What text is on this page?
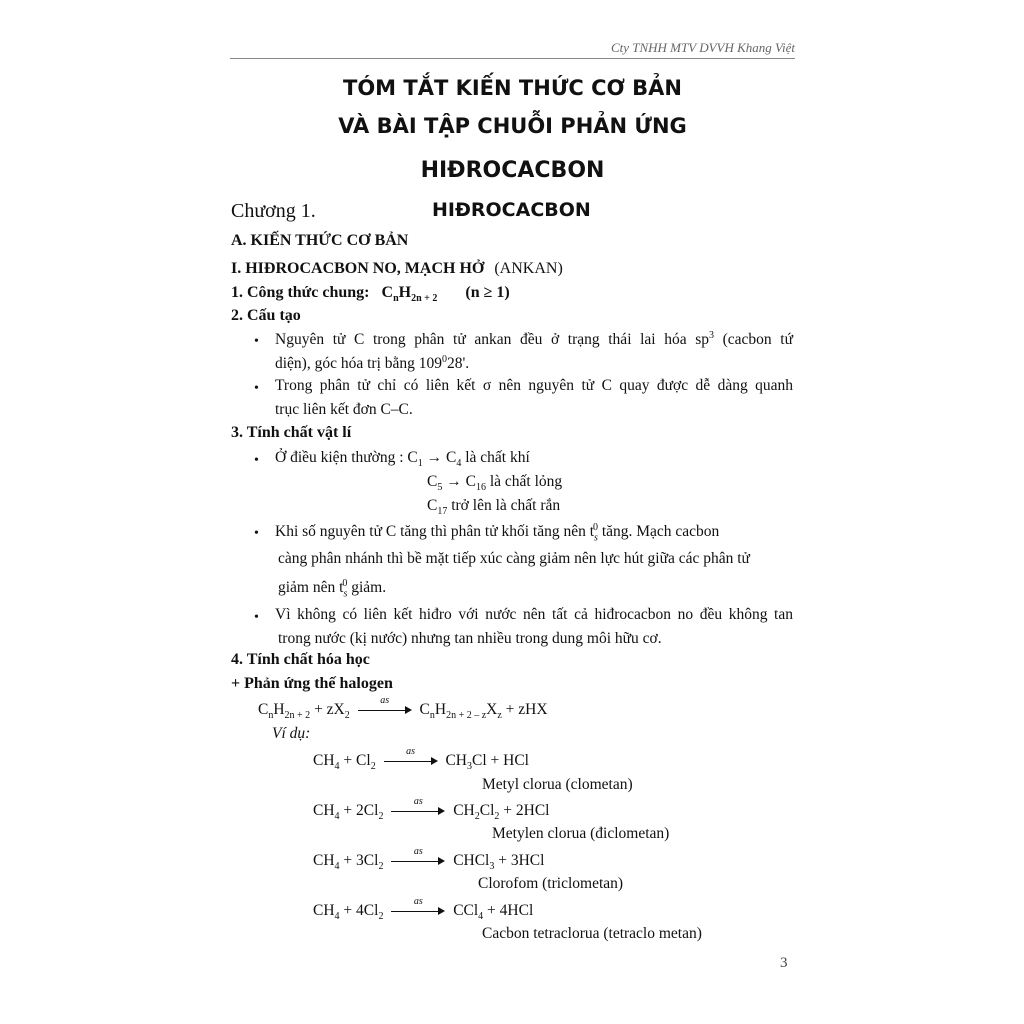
Cty TNHH MTV DVVH Khang Việt
TÓM TẮT KIẾN THỨC CƠ BẢN
VÀ BÀI TẬP CHUỖI PHẢN ỨNG
HIĐROCACBON
Chương 1.	HIĐROCACBON
A. KIẾN THỨC CƠ BẢN
I. HIĐROCACBON NO, MẠCH HỞ (ANKAN)
1. Công thức chung: $C_nH_{2n + 2}$ (n ≥ 1)
2. Cấu tạo
• Nguyên tử C trong phân tử ankan đều ở trạng thái lai hóa $sp^3$ (cacbon tứ
diện), góc hóa trị bằng $109^028'$.
• Trong phân tử chỉ có liên kết σ nên nguyên tử C quay được dễ dàng quanh
trục liên kết đơn C–C.
3. Tính chất vật lí
• Ở điều kiện thường : $C_1 \to C_4$ là chất khí
$C_5 \to C_{16}$ là chất lỏng
$C_{17}$ trở lên là chất rắn
• Khi số nguyên tử C tăng thì phân tử khối tăng nên $t_s^0$ tăng. Mạch cacbon
càng phân nhánh thì bề mặt tiếp xúc càng giảm nên lực hút giữa các phân tử
giảm nên $t_s^0$ giảm.
• Vì không có liên kết hiđro với nước nên tất cả hiđrocacbon no đều không tan
trong nước (kị nước) nhưng tan nhiều trong dung môi hữu cơ.
4. Tính chất hóa học
+ Phản ứng thế halogen
$C_nH_{2n + 2} + zX_2$
as
$C_nH_{2n + 2 - z}X_z$ + zHX
Ví dụ:
$CH_4 + Cl_2$
as
$CH_3Cl$ + HCl
Metyl clorua (clometan)
$CH_4 + 2Cl_2$
as
$CH_2Cl_2 + 2HCl$
Metylen clorua (điclometan)
$CH_4 + 3Cl_2$
as
CHCl$_3$ + 3HCl
Clorofom (triclometan)
$CH_4 + 4Cl_2$
as
CCl$_4$ + 4HCl
Cacbon tetraclorua (tetraclo metan)
3
